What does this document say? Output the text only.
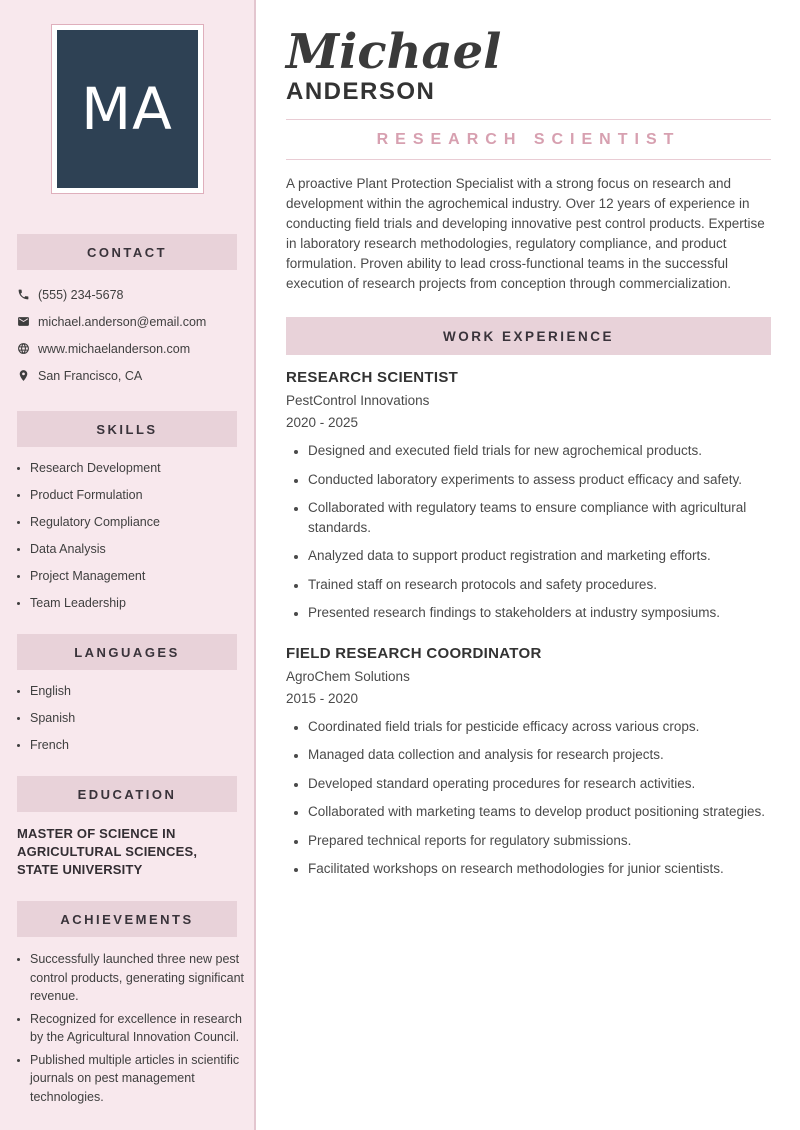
MA
CONTACT
(555) 234-5678
michael.anderson@email.com
www.michaelanderson.com
San Francisco, CA
SKILLS
• Research Development
• Product Formulation
• Regulatory Compliance
• Data Analysis
• Project Management
• Team Leadership
LANGUAGES
• English
• Spanish
• French
EDUCATION
MASTER OF SCIENCE IN AGRICULTURAL SCIENCES, STATE UNIVERSITY
ACHIEVEMENTS
• Successfully launched three new pest control products, generating significant revenue.
• Recognized for excellence in research by the Agricultural Innovation Council.
• Published multiple articles in scientific journals on pest management technologies.
Michael
ANDERSON
RESEARCH SCIENTIST

A proactive Plant Protection Specialist with a strong focus on research and development within the agrochemical industry. Over 12 years of experience in conducting field trials and developing innovative pest control products. Expertise in laboratory research methodologies, regulatory compliance, and product formulation. Proven ability to lead cross-functional teams in the successful execution of research projects from conception through commercialization.

WORK EXPERIENCE
RESEARCH SCIENTIST
PestControl Innovations
2020 - 2025
• Designed and executed field trials for new agrochemical products.
• Conducted laboratory experiments to assess product efficacy and safety.
• Collaborated with regulatory teams to ensure compliance with agricultural standards.
• Analyzed data to support product registration and marketing efforts.
• Trained staff on research protocols and safety procedures.
• Presented research findings to stakeholders at industry symposiums.
FIELD RESEARCH COORDINATOR
AgroChem Solutions
2015 - 2020
• Coordinated field trials for pesticide efficacy across various crops.
• Managed data collection and analysis for research projects.
• Developed standard operating procedures for research activities.
• Collaborated with marketing teams to develop product positioning strategies.
• Prepared technical reports for regulatory submissions.
• Facilitated workshops on research methodologies for junior scientists.
